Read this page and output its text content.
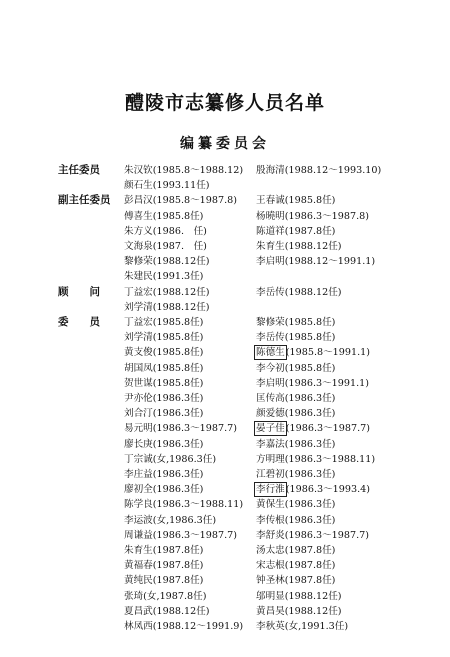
醴陵市志纂修人员名单
编纂委员会
主任委员	朱汉钦(1985.8～1988.12) 殷海清(1988.12～1993.10)
颜石生(1993.11任)
副主任委员	彭昌汉(1985.8～1987.8) 王春诚(1985.8任)
傅喜生(1985.8任)	杨曉明(1986.3～1987.8)
朱方义(1986.　任)	陈道祥(1987.8任)
文海泉(1987.　任)	朱育生(1988.12任)
黎修荣(1988.12任)	李启明(1988.12～1991.1)
朱建民(1991.3任)
顾　　问	丁益宏(1988.12任)	李岳传(1988.12任)
刘学清(1988.12任)
委　　员	丁益宏(1985.8任)	黎修荣(1985.8任)
刘学清(1985.8任)	李岳传(1985.8任)
黄支俊(1985.8任)	陈德生(1985.8～1991.1)
胡国凤(1985.8任)	李今初(1985.8任)
贺世谋(1985.8任)	李启明(1986.3～1991.1)
尹亦伦(1986.3任)	匡传高(1986.3任)
刘合汀(1986.3任)	颜爱德(1986.3任)
易元明(1986.3～1987.7) 晏子佳(1986.3～1987.7)
廖长庚(1986.3任)	李嘉法(1986.3任)
丁宗诚(女,1986.3任)	方明理(1986.3～1988.11)
李庄益(1986.3任)	江碧初(1986.3任)
廖初全(1986.3任)	李行淮(1986.3～1993.4)
陈学良(1986.3～1988.11) 黄保生(1986.3任)
李运波(女,1986.3任)	李传根(1986.3任)
周谦益(1986.3～1987.7) 李舒炎(1986.3～1987.7)
朱育生(1987.8任)	汤太忠(1987.8任)
黄福春(1987.8任)	宋志根(1987.8任)
黄纯民(1987.8任)	钟圣林(1987.8任)
张琦(女,1987.8任)	邬明显(1988.12任)
夏昌武(1988.12任)	黄昌昊(1988.12任)
林凤西(1988.12～1991.9) 李秋英(女,1991.3任)
